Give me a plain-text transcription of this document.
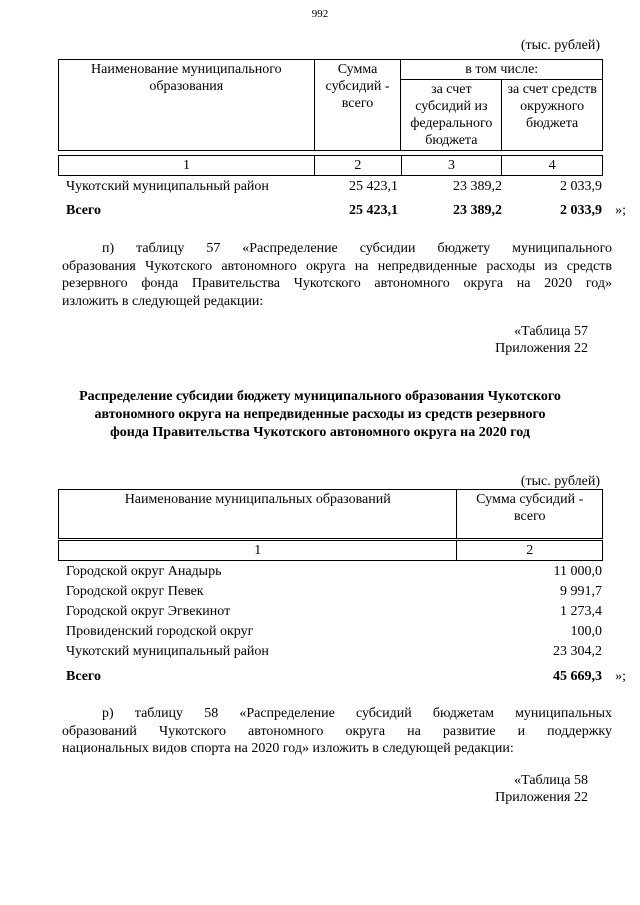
992
(тыс. рублей)
Наименование муниципального образования	Сумма субсидий - всего	в том числе:	
		за счет субсидий из федерального бюджета	за счет средств окружного бюджета
1	2	3	4
Чукотский муниципальный район	25 423,1	23 389,2	2 033,9
Всего	25 423,1	23 389,2	2 033,9 »;
п) таблицу 57 «Распределение субсидии бюджету муниципального
образования Чукотского автономного округа на непредвиденные расходы из средств
резервного фонда Правительства Чукотского автономного округа на 2020 год»
изложить в следующей редакции:
«Таблица 57
Приложения 22
Распределение субсидии бюджету муниципального образования Чукотского
автономного округа на непредвиденные расходы из средств резервного
фонда Правительства Чукотского автономного округа на 2020 год
(тыс. рублей)
Наименование муниципальных образований	Сумма субсидий - всего
1	2
Городской округ Анадырь	11 000,0
Городской округ Певек	9 991,7
Городской округ Эгвекинот	1 273,4
Провиденский городской округ	100,0
Чукотский муниципальный район	23 304,2
Всего	45 669,3 »;
р) таблицу 58 «Распределение субсидий бюджетам муниципальных
образований Чукотского автономного округа на развитие и поддержку
национальных видов спорта на 2020 год» изложить в следующей редакции:
«Таблица 58
Приложения 22
